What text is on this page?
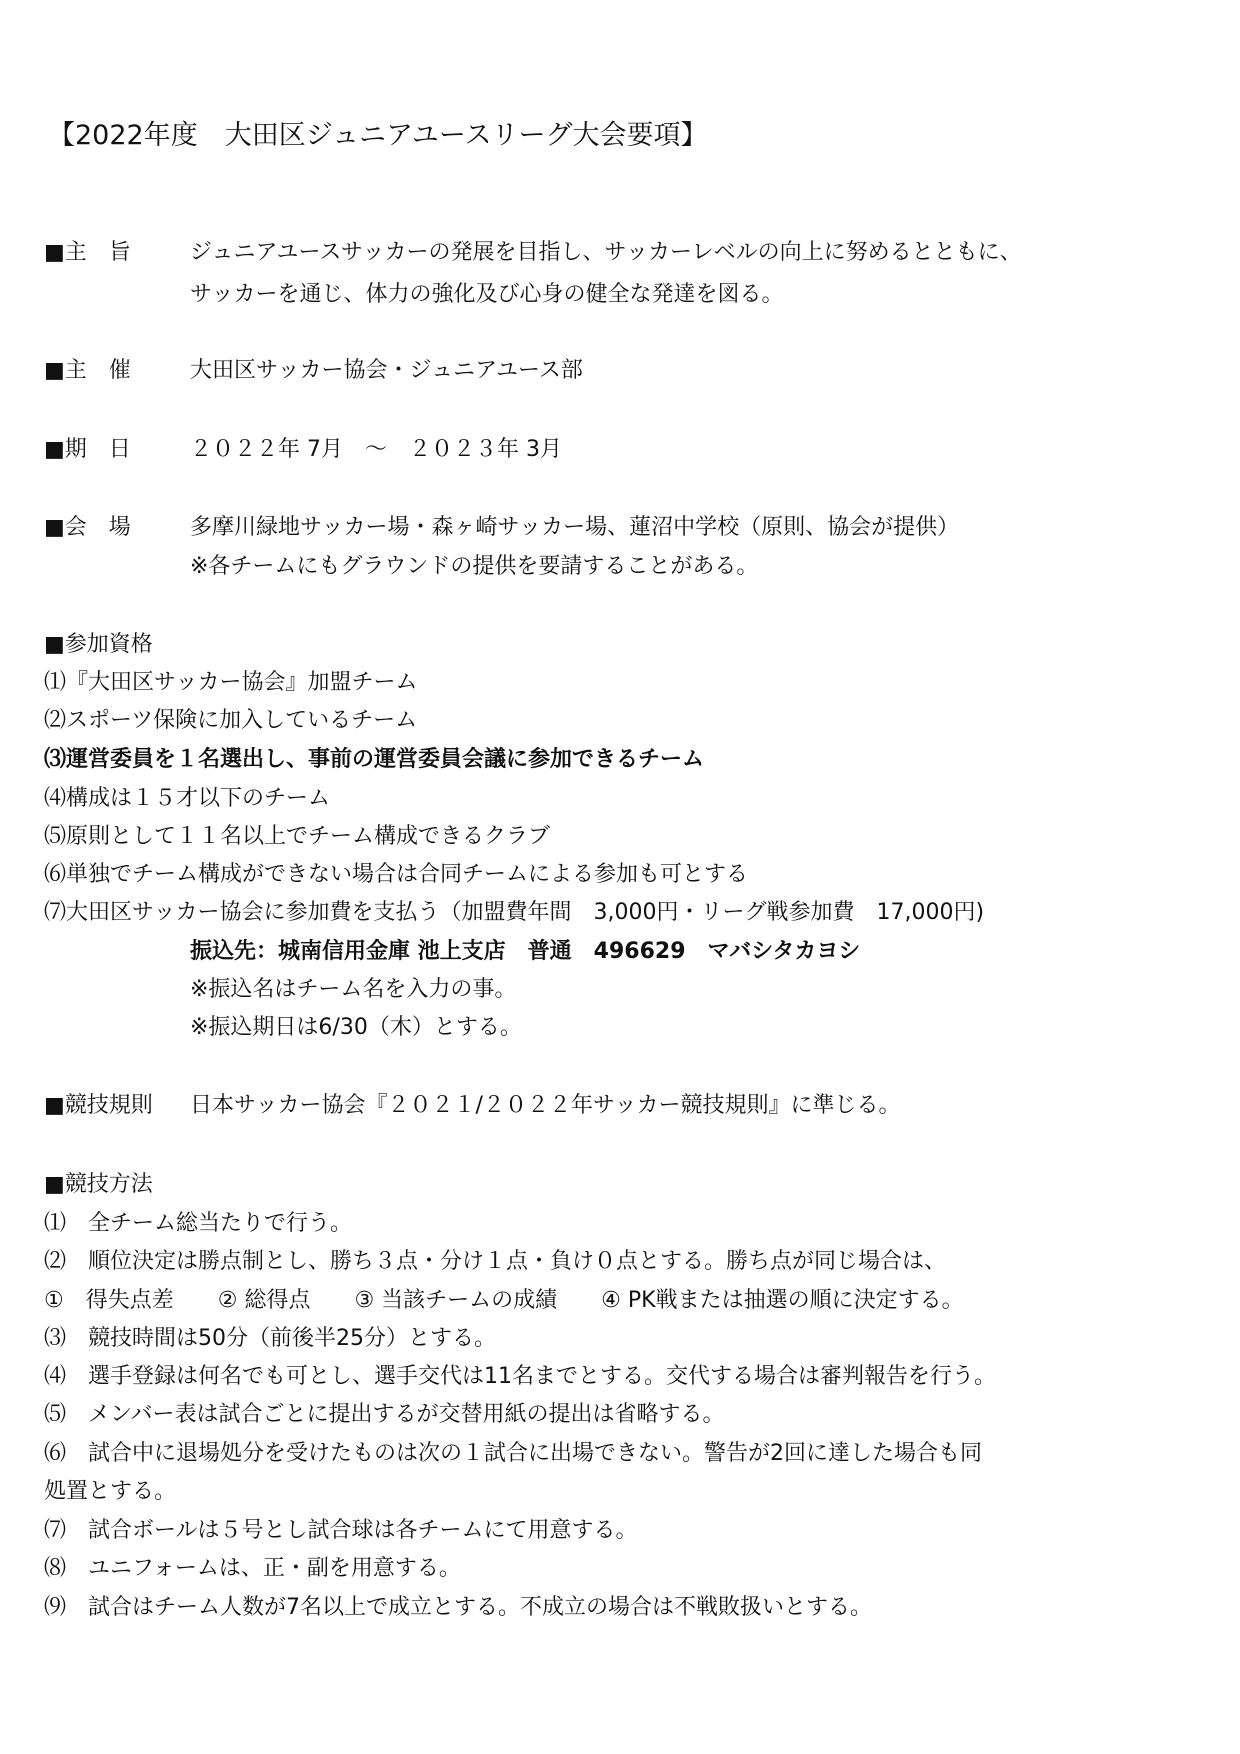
【2022年度　大田区ジュニアユースリーグ大会要項】
■主　旨	ジュニアユースサッカーの発展を目指し、サッカーレベルの向上に努めるとともに、
サッカーを通じ、体力の強化及び心身の健全な発達を図る。
■主　催	大田区サッカー協会・ジュニアユース部
■期　日	２０２２年 7月　～　２０２３年 3月
■会　場	多摩川緑地サッカー場・森ヶ崎サッカー場、蓮沼中学校（原則、協会が提供）
※各チームにもグラウンドの提供を要請することがある。
■参加資格
⑴『大田区サッカー協会』加盟チーム
⑵スポーツ保険に加入しているチーム
⑶運営委員を１名選出し、事前の運営委員会議に参加できるチーム
⑷構成は１５才以下のチーム
⑸原則として１１名以上でチーム構成できるクラブ
⑹単独でチーム構成ができない場合は合同チームによる参加も可とする
⑺大田区サッカー協会に参加費を支払う（加盟費年間　3,000円・リーグ戦参加費　17,000円)
振込先：城南信用金庫 池上支店　普通　496629　マバシタカヨシ
※振込名はチーム名を入力の事。
※振込期日は6/30（木）とする。
■競技規則 日本サッカー協会『２０２１/２０２２年サッカー競技規則』に準じる。
■競技方法
⑴　全チーム総当たりで行う。
⑵　順位決定は勝点制とし、勝ち３点・分け１点・負け０点とする。勝ち点が同じ場合は、
①　得失点差　　② 総得点　　③ 当該チームの成績　　④ PK戦または抽選の順に決定する。
⑶　競技時間は50分（前後半25分）とする。
⑷　選手登録は何名でも可とし、選手交代は11名までとする。交代する場合は審判報告を行う。
⑸　メンバー表は試合ごとに提出するが交替用紙の提出は省略する。
⑹　試合中に退場処分を受けたものは次の１試合に出場できない。警告が2回に達した場合も同
処置とする。
⑺　試合ボールは５号とし試合球は各チームにて用意する。
⑻　ユニフォームは、正・副を用意する。
⑼　試合はチーム人数が7名以上で成立とする。不成立の場合は不戦敗扱いとする。
